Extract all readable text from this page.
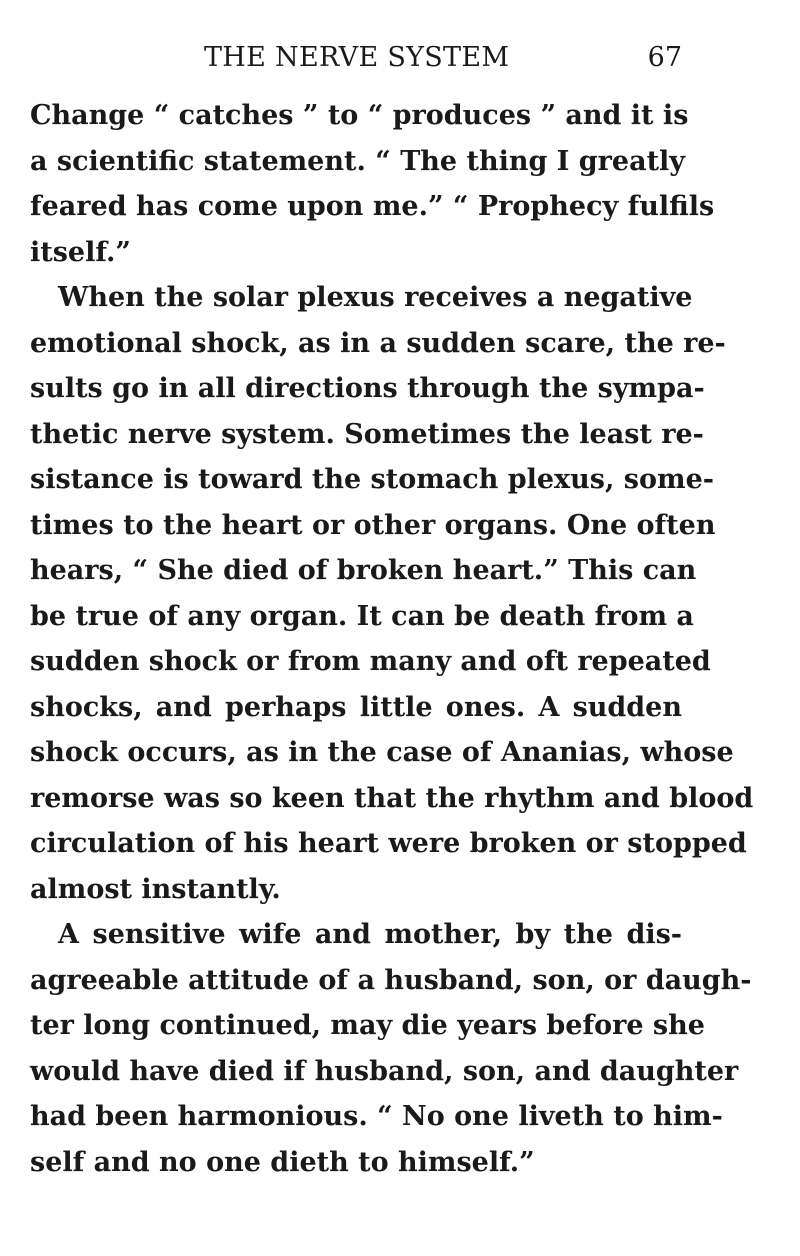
THE NERVE SYSTEM	67
Change “ catches ” to “ produces ” and it is
a scientific statement. “ The thing I greatly
feared has come upon me.” “ Prophecy fulfils
itself.”
When the solar plexus receives a negative
emotional shock, as in a sudden scare, the re-
sults go in all directions through the sympa-
thetic nerve system. Sometimes the least re-
sistance is toward the stomach plexus, some-
times to the heart or other organs. One often
hears, “ She died of broken heart.” This can
be true of any organ. It can be death from a
sudden shock or from many and oft repeated
shocks, and perhaps little ones. A sudden
shock occurs, as in the case of Ananias, whose
remorse was so keen that the rhythm and blood
circulation of his heart were broken or stopped
almost instantly.
A sensitive wife and mother, by the dis-
agreeable attitude of a husband, son, or daugh-
ter long continued, may die years before she
would have died if husband, son, and daughter
had been harmonious. “ No one liveth to him-
self and no one dieth to himself.”
